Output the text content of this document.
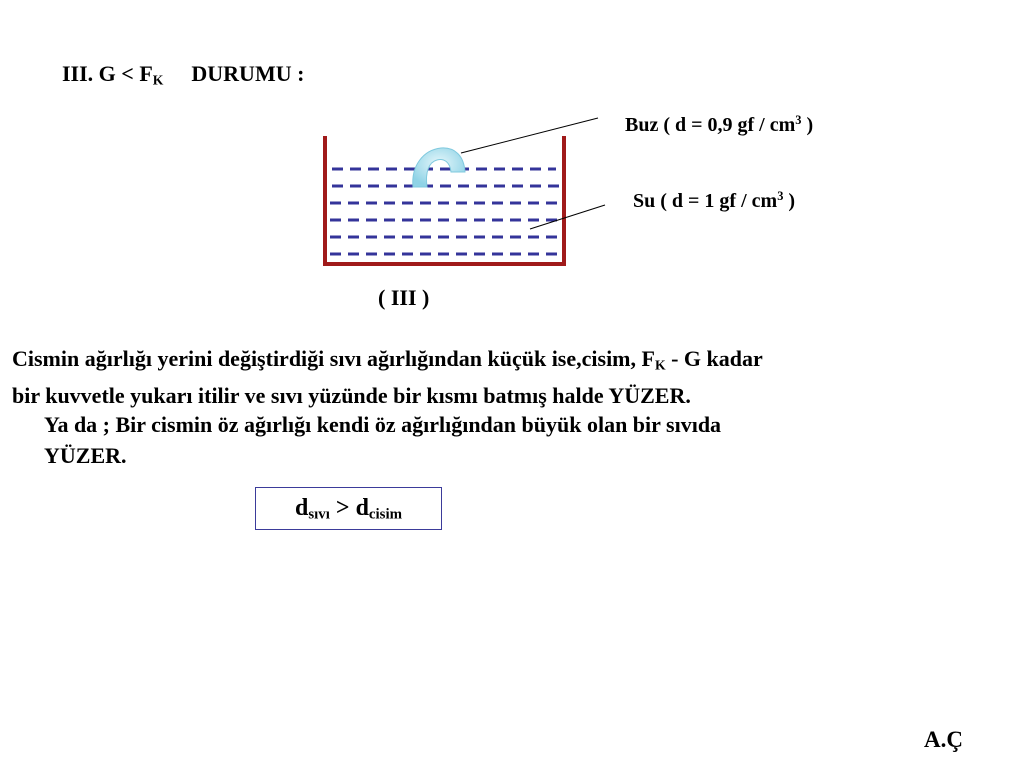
III. $G < F_K$ DURUMU :
Buz ( d = 0,9 gf / $cm^3$ )
Su ( d = 1 gf / $cm^3$ )
( III )
Cismin ağırlığı yerini değiştirdiği sıvı ağırlığından küçük ise,cisim, $F_K$ - G kadar
bir kuvvetle yukarı itilir ve sıvı yüzünde bir kısmı batmış halde YÜZER.
Ya da ; Bir cismin öz ağırlığı kendi öz ağırlığından büyük olan bir sıvıda
YÜZER.
$d_{sıvı} > d_{cisim}$
A.Ç
